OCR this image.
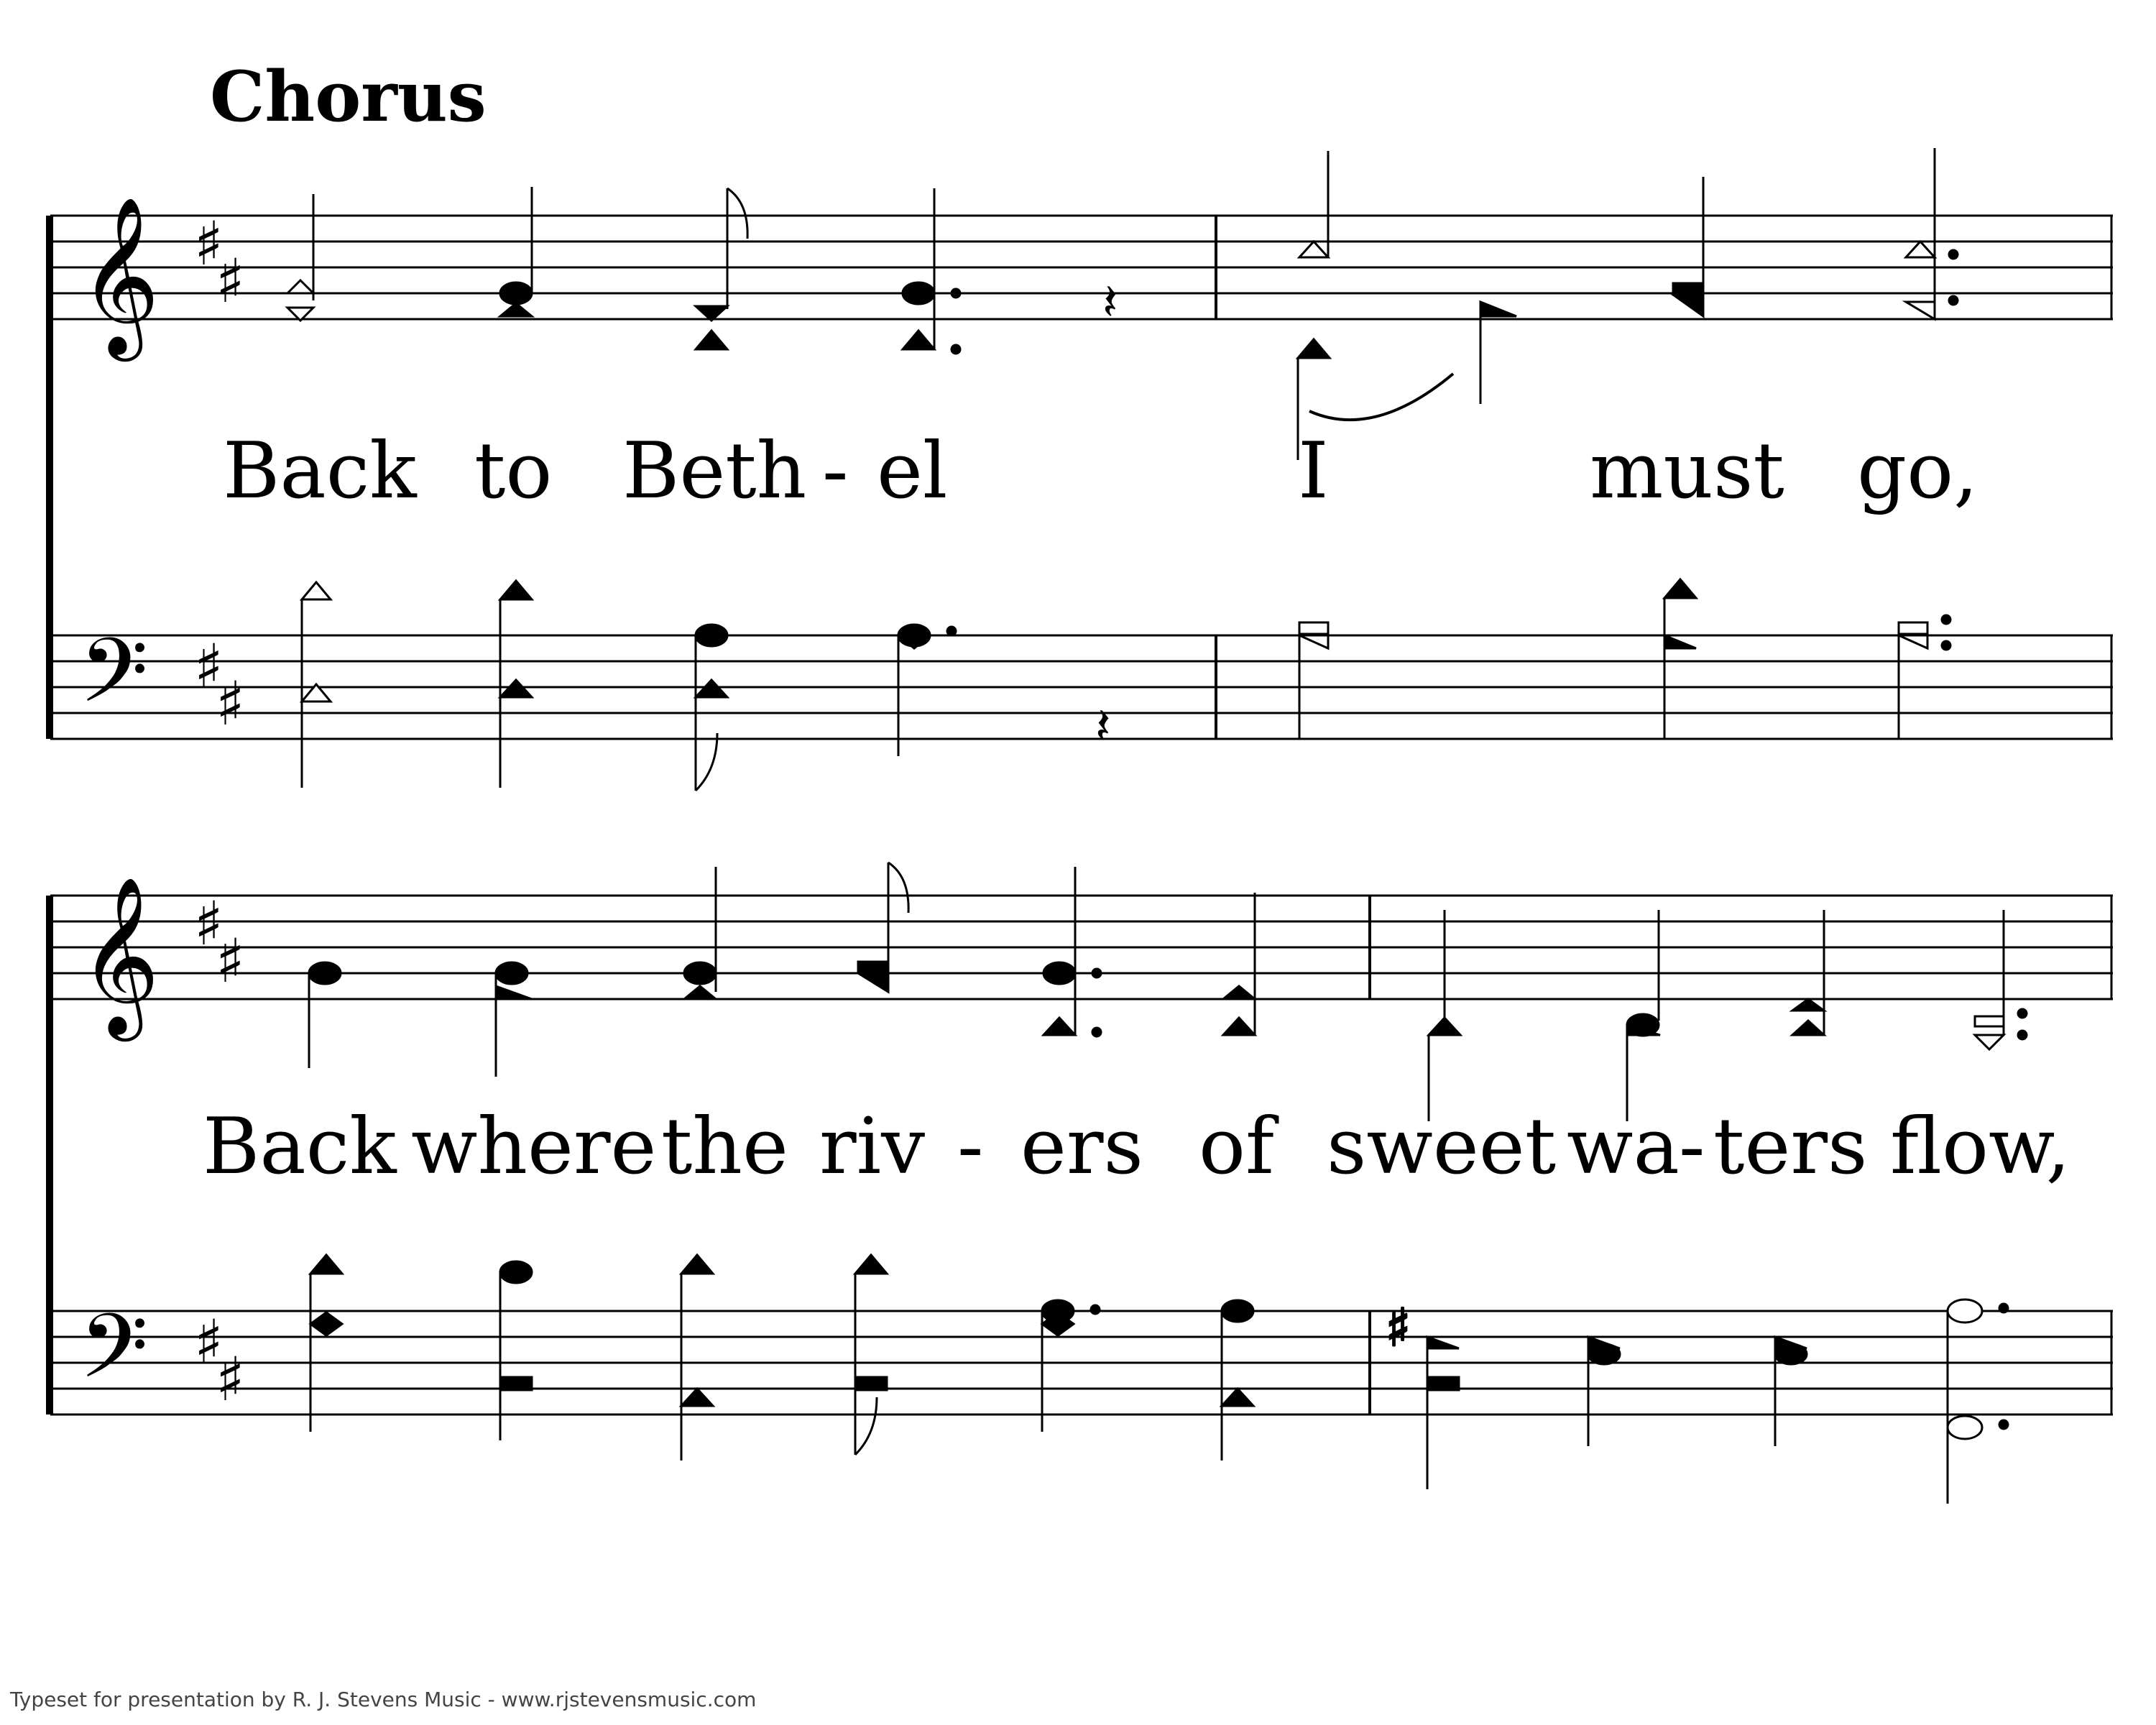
Chorus
𝄞
𝄢
♯
♯
♯
♯
𝄽
𝄽
Back to Beth - el	I	must go,
𝄞
𝄢
♯
♯
♯
♯
♯
Back where the riv - ers of sweet wa - ters flow,
Typeset for presentation by R. J. Stevens Music - www.rjstevensmusic.com
